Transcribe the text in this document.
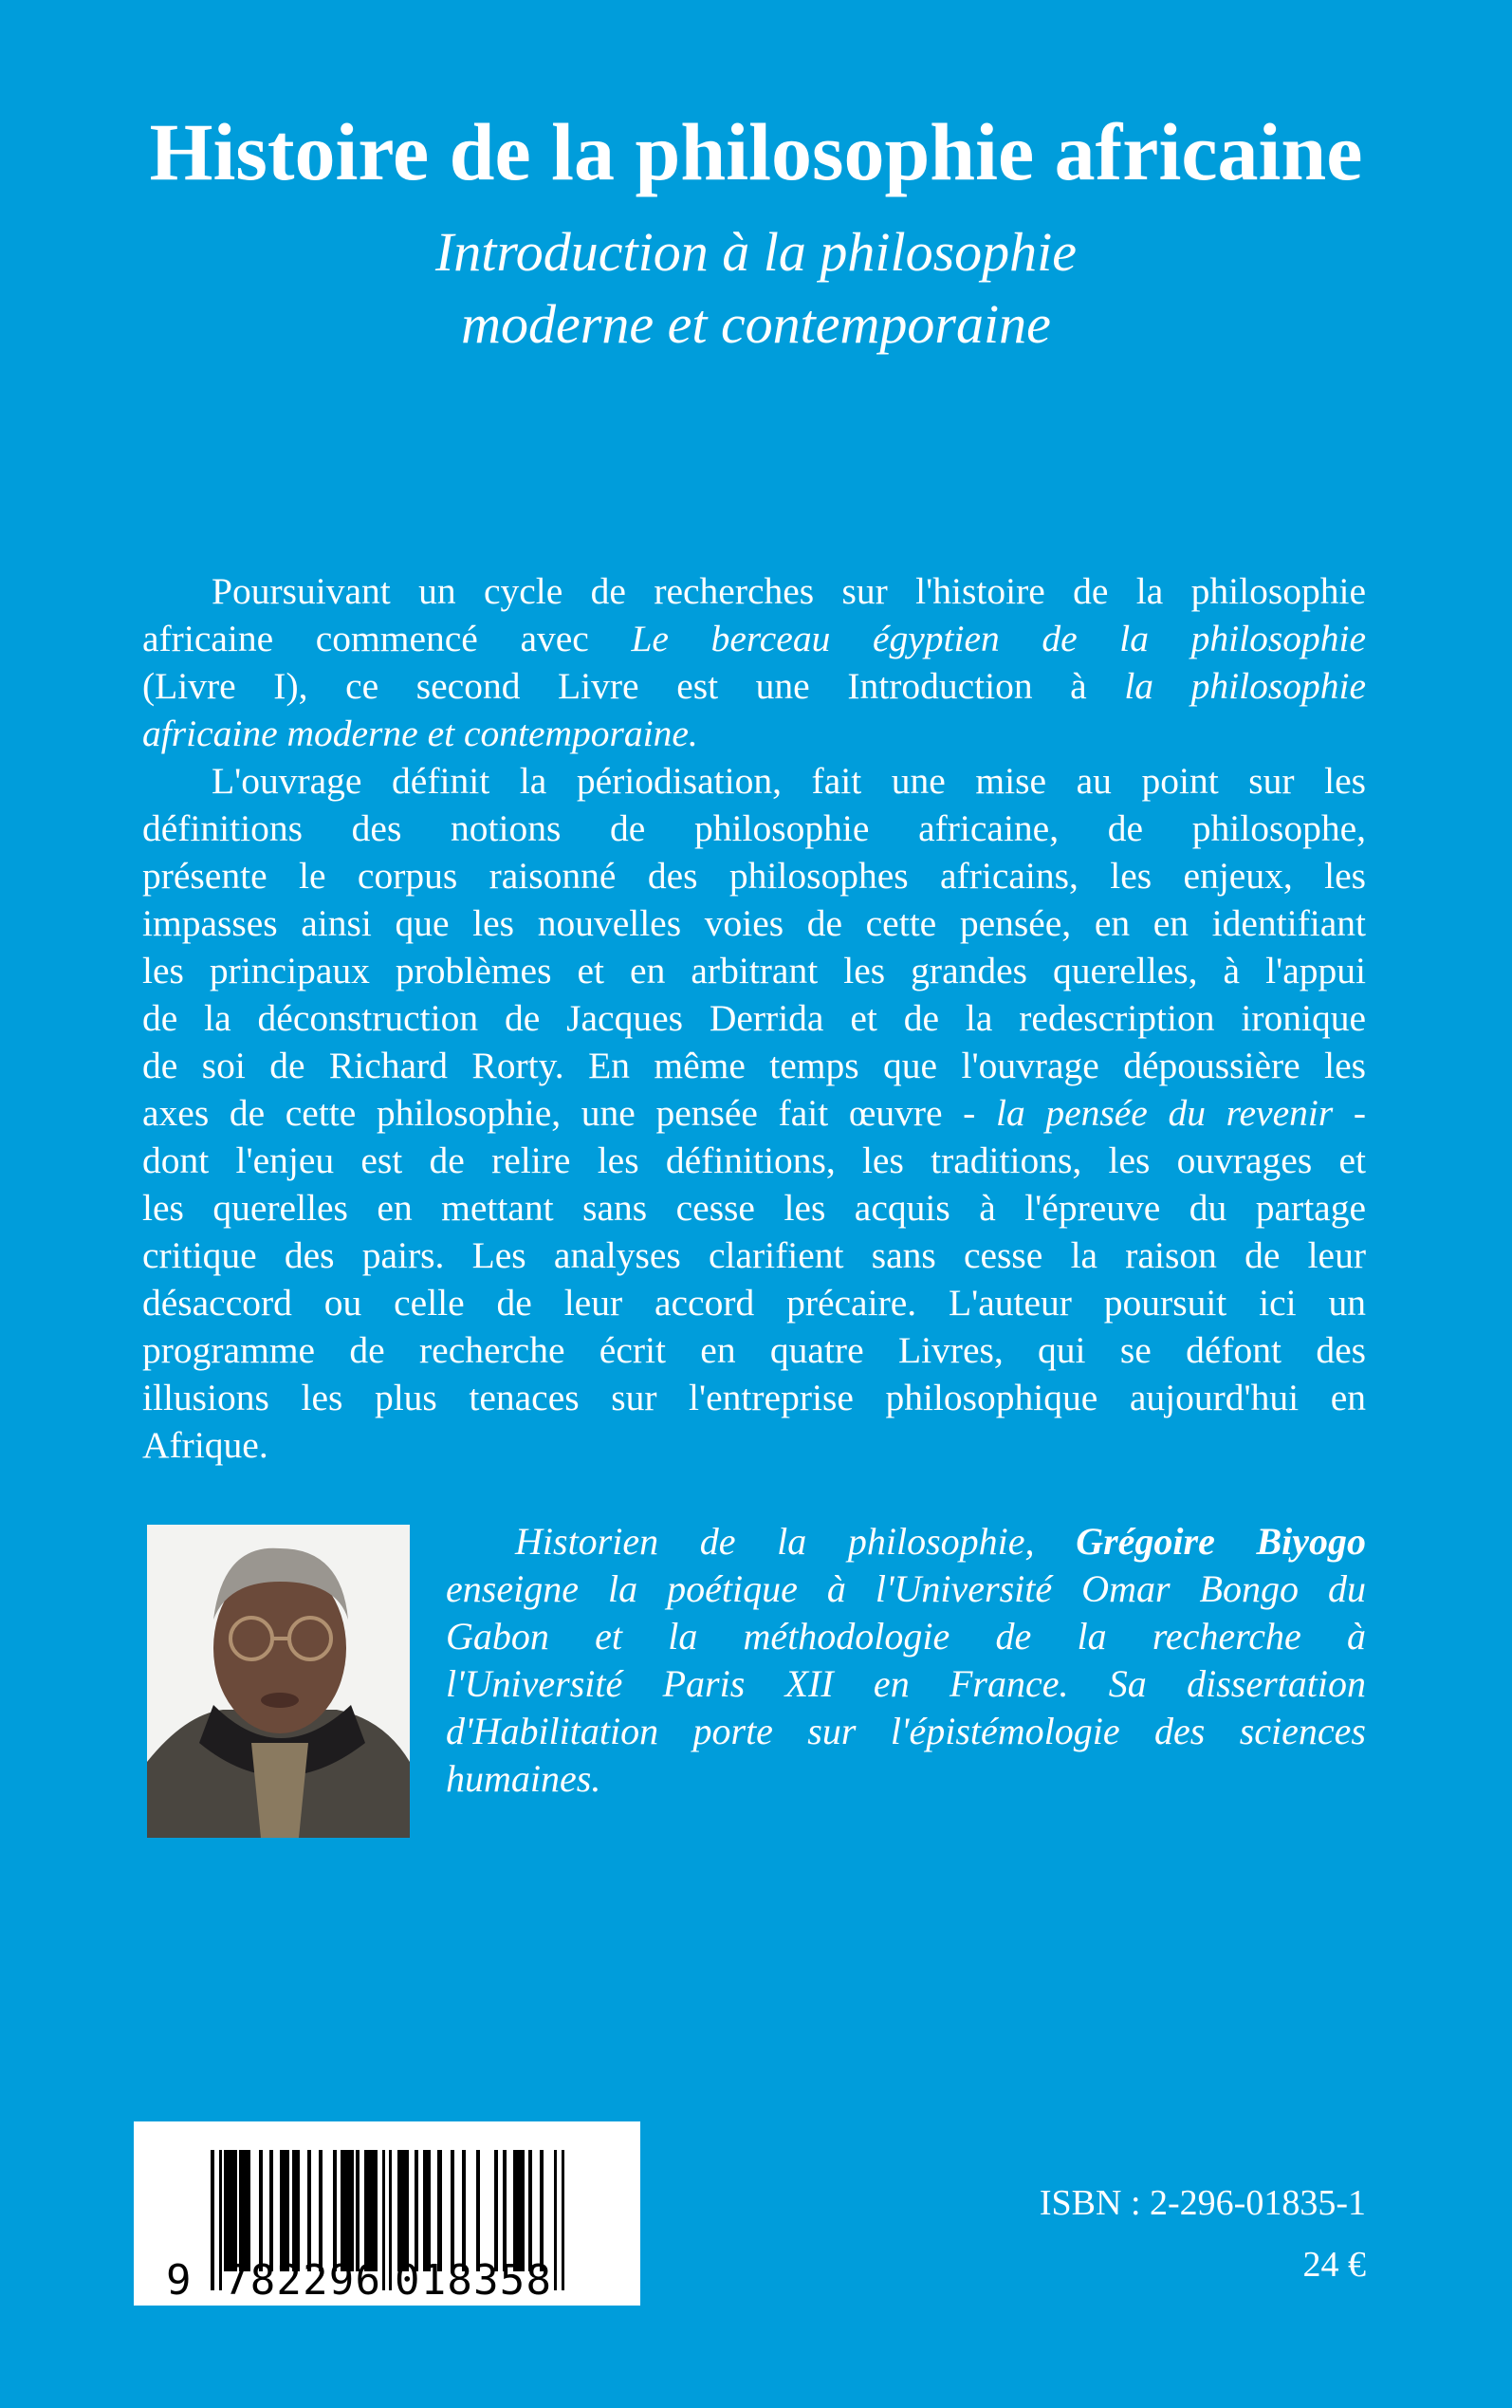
Histoire de la philosophie africaine
Introduction à la philosophie
moderne et contemporaine
Poursuivant un cycle de recherches sur l'histoire de la philosophie
africaine commencé avec Le berceau égyptien de la philosophie
(Livre I), ce second Livre est une Introduction à la philosophie
africaine moderne et contemporaine.
L'ouvrage définit la périodisation, fait une mise au point sur les
définitions des notions de philosophie africaine, de philosophe,
présente le corpus raisonné des philosophes africains, les enjeux, les
impasses ainsi que les nouvelles voies de cette pensée, en en identifiant
les principaux problèmes et en arbitrant les grandes querelles, à l'appui
de la déconstruction de Jacques Derrida et de la redescription ironique
de soi de Richard Rorty. En même temps que l'ouvrage dépoussière les
axes de cette philosophie, une pensée fait œuvre - la pensée du revenir -
dont l'enjeu est de relire les définitions, les traditions, les ouvrages et
les querelles en mettant sans cesse les acquis à l'épreuve du partage
critique des pairs. Les analyses clarifient sans cesse la raison de leur
désaccord ou celle de leur accord précaire. L'auteur poursuit ici un
programme de recherche écrit en quatre Livres, qui se défont des
illusions les plus tenaces sur l'entreprise philosophique aujourd'hui en
Afrique.
Historien de la philosophie, Grégoire Biyogo
enseigne la poétique à l'Université Omar Bongo du
Gabon et la méthodologie de la recherche à
l'Université Paris XII en France. Sa dissertation
d'Habilitation porte sur l'épistémologie des sciences
humaines.
9 782296 018358
ISBN : 2-296-01835-1
24 €
